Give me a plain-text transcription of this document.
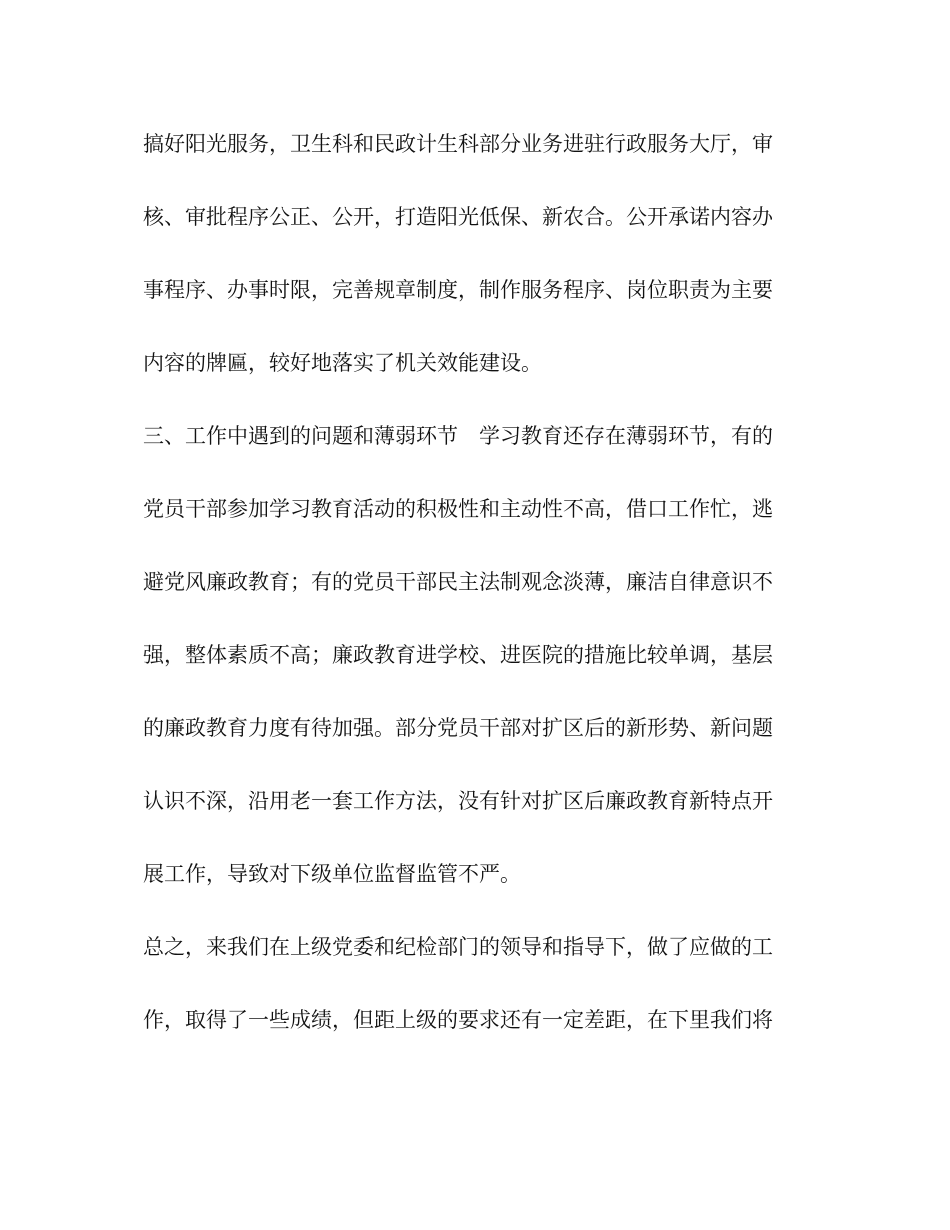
搞好阳光服务，卫生科和民政计生科部分业务进驻行政服务大厅，审
核、审批程序公正、公开，打造阳光低保、新农合。公开承诺内容办
事程序、办事时限，完善规章制度，制作服务程序、岗位职责为主要
内容的牌匾，较好地落实了机关效能建设。
三、工作中遇到的问题和薄弱环节　学习教育还存在薄弱环节，有的
党员干部参加学习教育活动的积极性和主动性不高，借口工作忙，逃
避党风廉政教育；有的党员干部民主法制观念淡薄，廉洁自律意识不
强，整体素质不高；廉政教育进学校、进医院的措施比较单调，基层
的廉政教育力度有待加强。部分党员干部对扩区后的新形势、新问题
认识不深，沿用老一套工作方法，没有针对扩区后廉政教育新特点开
展工作，导致对下级单位监督监管不严。
总之，来我们在上级党委和纪检部门的领导和指导下，做了应做的工
作，取得了一些成绩，但距上级的要求还有一定差距，在下里我们将
